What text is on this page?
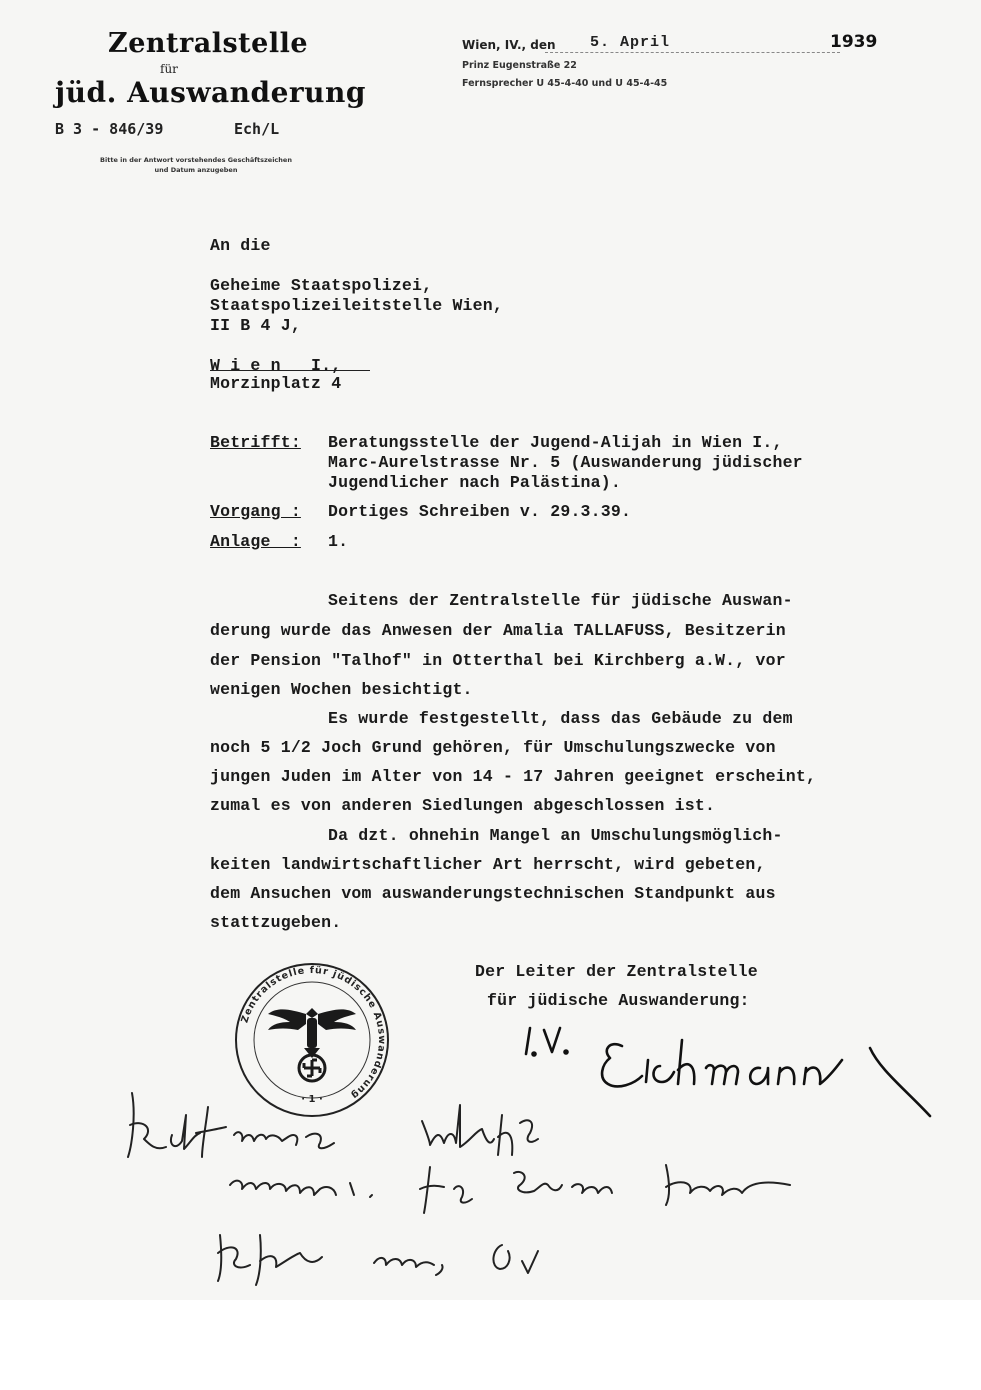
Zentralstelle
für
jüd. Auswanderung
B 3 - 846/39	Ech/L
Bitte in der Antwort vorstehendes Geschäftszeichen
und Datum anzugeben
Wien, IV., den 5. April	1939
Prinz Eugenstraße 22
Fernsprecher U 45-4-40 und U 45-4-45
An die
Geheime Staatspolizei,
Staatspolizeileitstelle Wien,
II B 4 J,
W i e n   I.,
Morzinplatz 4
Betrifft: Beratungsstelle der Jugend-Alijah in Wien I.,
Marc-Aurelstrasse Nr. 5 (Auswanderung jüdischer
Jugendlicher nach Palästina).
Vorgang : Dortiges Schreiben v. 29.3.39.
Anlage  : 1.
Seitens der Zentralstelle für jüdische Auswan-
derung wurde das Anwesen der Amalia TALLAFUSS, Besitzerin
der Pension "Talhof" in Otterthal bei Kirchberg a.W., vor
wenigen Wochen besichtigt.
Es wurde festgestellt, dass das Gebäude zu dem
noch 5 1/2 Joch Grund gehören, für Umschulungszwecke von
jungen Juden im Alter von 14 - 17 Jahren geeignet erscheint,
zumal es von anderen Siedlungen abgeschlossen ist.
Da dzt. ohnehin Mangel an Umschulungsmöglich-
keiten landwirtschaftlicher Art herrscht, wird gebeten,
dem Ansuchen vom auswanderungstechnischen Standpunkt aus
stattzugeben.
Der Leiter der Zentralstelle
für jüdische Auswanderung:
Zentralstelle für jüdische Auswanderung
· 1 ·
